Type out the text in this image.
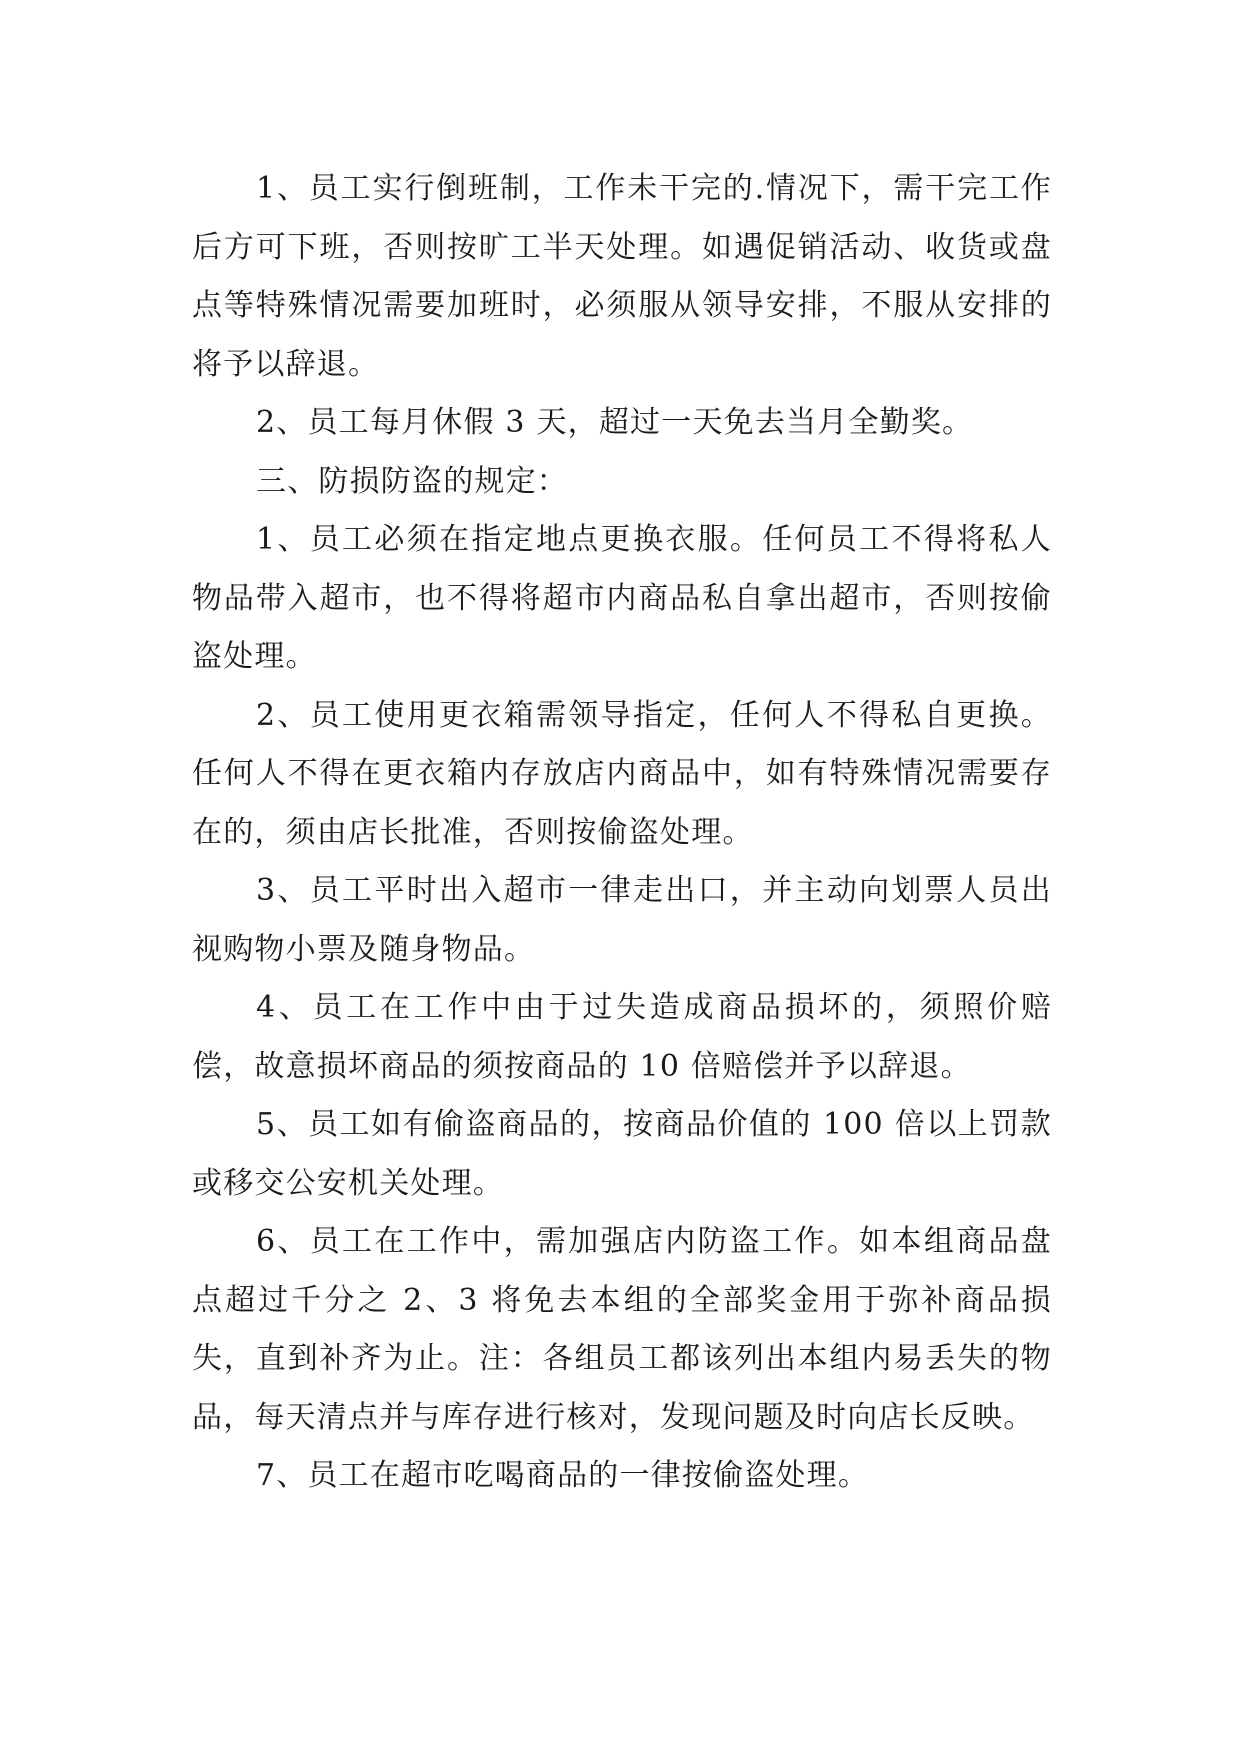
1、员工实行倒班制，工作未干完的.情况下，需干完工作后方可下班，否则按旷工半天处理。如遇促销活动、收货或盘点等特殊情况需要加班时，必须服从领导安排，不服从安排的将予以辞退。

2、员工每月休假 3 天，超过一天免去当月全勤奖。

三、防损防盗的规定：

1、员工必须在指定地点更换衣服。任何员工不得将私人物品带入超市，也不得将超市内商品私自拿出超市，否则按偷盗处理。

2、员工使用更衣箱需领导指定，任何人不得私自更换。任何人不得在更衣箱内存放店内商品中，如有特殊情况需要存在的，须由店长批准，否则按偷盗处理。

3、员工平时出入超市一律走出口，并主动向划票人员出视购物小票及随身物品。

4、员工在工作中由于过失造成商品损坏的，须照价赔偿，故意损坏商品的须按商品的 10 倍赔偿并予以辞退。

5、员工如有偷盗商品的，按商品价值的 100 倍以上罚款或移交公安机关处理。

6、员工在工作中，需加强店内防盗工作。如本组商品盘点超过千分之 2、3 将免去本组的全部奖金用于弥补商品损失，直到补齐为止。注：各组员工都该列出本组内易丢失的物品，每天清点并与库存进行核对，发现问题及时向店长反映。

7、员工在超市吃喝商品的一律按偷盗处理。
